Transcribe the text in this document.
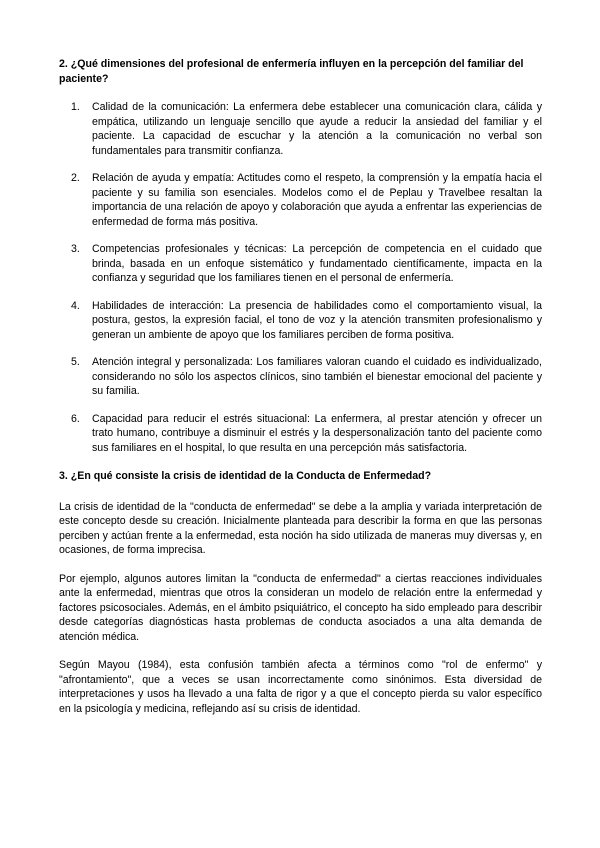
2. ¿Qué dimensiones del profesional de enfermería influyen en la percepción del familiar del paciente?

1. Calidad de la comunicación: La enfermera debe establecer una comunicación clara, cálida y empática, utilizando un lenguaje sencillo que ayude a reducir la ansiedad del familiar y el paciente. La capacidad de escuchar y la atención a la comunicación no verbal son fundamentales para transmitir confianza.

2. Relación de ayuda y empatía: Actitudes como el respeto, la comprensión y la empatía hacia el paciente y su familia son esenciales. Modelos como el de Peplau y Travelbee resaltan la importancia de una relación de apoyo y colaboración que ayuda a enfrentar las experiencias de enfermedad de forma más positiva.

3. Competencias profesionales y técnicas: La percepción de competencia en el cuidado que brinda, basada en un enfoque sistemático y fundamentado científicamente, impacta en la confianza y seguridad que los familiares tienen en el personal de enfermería.

4. Habilidades de interacción: La presencia de habilidades como el comportamiento visual, la postura, gestos, la expresión facial, el tono de voz y la atención transmiten profesionalismo y generan un ambiente de apoyo que los familiares perciben de forma positiva.

5. Atención integral y personalizada: Los familiares valoran cuando el cuidado es individualizado, considerando no sólo los aspectos clínicos, sino también el bienestar emocional del paciente y su familia.

6. Capacidad para reducir el estrés situacional: La enfermera, al prestar atención y ofrecer un trato humano, contribuye a disminuir el estrés y la despersonalización tanto del paciente como sus familiares en el hospital, lo que resulta en una percepción más satisfactoria.

3. ¿En qué consiste la crisis de identidad de la Conducta de Enfermedad?

La crisis de identidad de la "conducta de enfermedad" se debe a la amplia y variada interpretación de este concepto desde su creación. Inicialmente planteada para describir la forma en que las personas perciben y actúan frente a la enfermedad, esta noción ha sido utilizada de maneras muy diversas y, en ocasiones, de forma imprecisa.

Por ejemplo, algunos autores limitan la "conducta de enfermedad" a ciertas reacciones individuales ante la enfermedad, mientras que otros la consideran un modelo de relación entre la enfermedad y factores psicosociales. Además, en el ámbito psiquiátrico, el concepto ha sido empleado para describir desde categorías diagnósticas hasta problemas de conducta asociados a una alta demanda de atención médica.

Según Mayou (1984), esta confusión también afecta a términos como "rol de enfermo" y "afrontamiento", que a veces se usan incorrectamente como sinónimos. Esta diversidad de interpretaciones y usos ha llevado a una falta de rigor y a que el concepto pierda su valor específico en la psicología y medicina, reflejando así su crisis de identidad.
